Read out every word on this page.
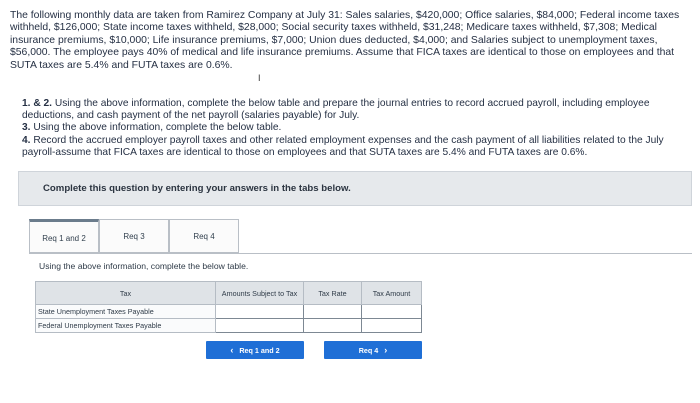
The following monthly data are taken from Ramirez Company at July 31: Sales salaries, $420,000; Office salaries, $84,000; Federal income taxes withheld, $126,000; State income taxes withheld, $28,000; Social security taxes withheld, $31,248; Medicare taxes withheld, $7,308; Medical insurance premiums, $10,000; Life insurance premiums, $7,000; Union dues deducted, $4,000; and Salaries subject to unemployment taxes, $56,000. The employee pays 40% of medical and life insurance premiums. Assume that FICA taxes are identical to those on employees and that SUTA taxes are 5.4% and FUTA taxes are 0.6%.

1. & 2. Using the above information, complete the below table and prepare the journal entries to record accrued payroll, including employee deductions, and cash payment of the net payroll (salaries payable) for July.

3. Using the above information, complete the below table.

4. Record the accrued employer payroll taxes and other related employment expenses and the cash payment of all liabilities related to the July payroll-assume that FICA taxes are identical to those on employees and that SUTA taxes are 5.4% and FUTA taxes are 0.6%.

Complete this question by entering your answers in the tabs below.
Req 1 and 2	Req 3	Req 4
Using the above information, complete the below table.
Tax	Amounts Subject to Tax	Tax Rate	Tax Amount
State Unemployment Taxes Payable			
Federal Unemployment Taxes Payable			
‹ Req 1 and 2	Req 4 ›
I
